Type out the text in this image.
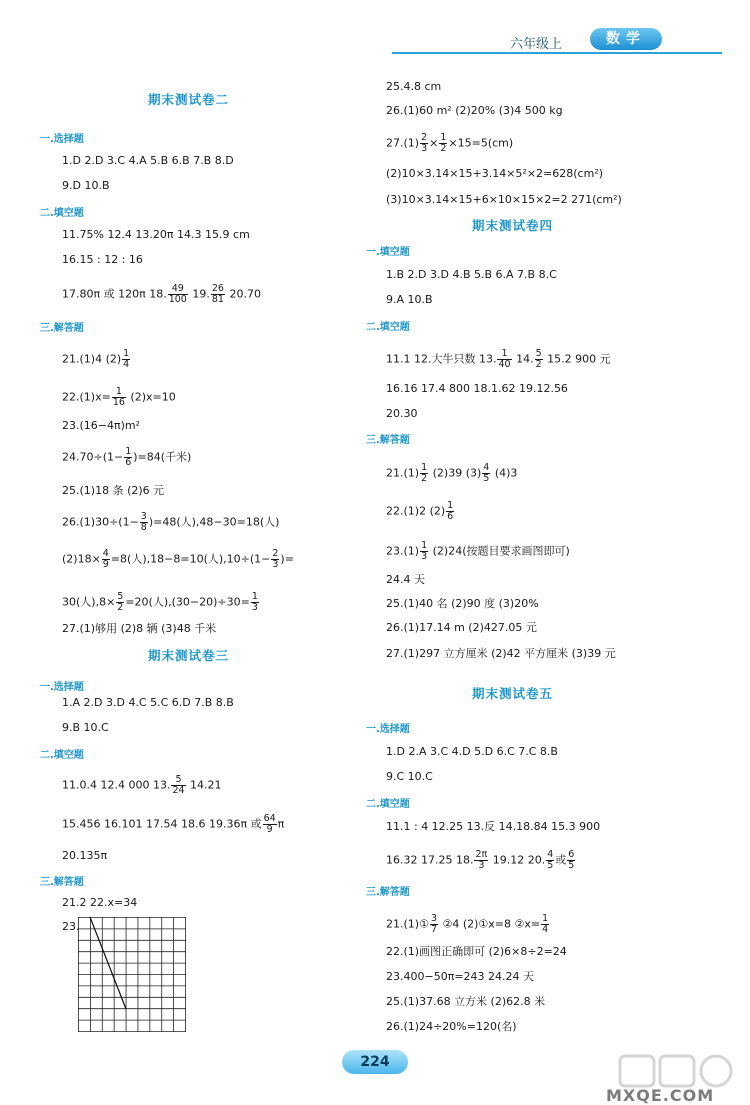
六年级上	数学
期末测试卷二
一.选择题
1.D 2.D 3.C 4.A 5.B 6.B 7.B 8.D
9.D 10.B
二.填空题
11.75% 12.4 13.20π 14.3 15.9 cm
16.15 : 12 : 16
17.80π 或 120π 18. $\frac{49}{100} 19$. $\frac{26}{81} 20.70$
三.解答题
21.(1)4 $(2) \frac{1}{4}$
$22.(1)x= \frac{1}{16} (2)x=10$
23.(16−4π)m²
$24.70\div(1- \frac{1}{6} )=84$(千米)
25.(1)18 条 (2)6 元
$26.(1)30\div(1- \frac{3}{8} )=48$(人),48−30=18(人)
$(2)18\times \frac{4}{9} =8$(人),18−8=10(人)$,10\div(1- \frac{2}{3}$ )=
30(人)$,8\times \frac{5}{2} =20$(人)$,(30-20)\div 30= \frac{1}{3}$
27.(1)够用 (2)8 辆 (3)48 千米
期末测试卷三
一.选择题
1.A 2.D 3.D 4.C 5.C 6.D 7.B 8.B
9.B 10.C
二.填空题
11.0.4 12.4 000 13. $\frac{5}{24} 14.21$
15.456 16.101 17.54 18.6 19.36π 或 $\frac{64}{9}$ π
20.135π
三.解答题
21.2 22.x=34
23.
25.4.8 cm
26.(1)60 m² (2)20% (3)4 500 kg
$27.(1) \frac{2}{3} \times \frac{1}{2} \times 15=5(cm)$
(2)10×3.14×15+3.14×5²×2=628(cm²)
(3)10×3.14×15+6×10×15×2=2 271(cm²)
期末测试卷四
一.填空题
1.B 2.D 3.D 4.B 5.B 6.A 7.B 8.C
9.A 10.B
二.填空题
11.1 12.大牛只数 13. $\frac{1}{40} 14$. $\frac{5}{2} 15.2$ 900 元
16.16 17.4 800 18.1.62 19.12.56
20.30
三.解答题
$21.(1) \frac{1}{2} (2)39$ $(3) \frac{4}{5} (4)3$
22.(1)2 $(2) \frac{1}{6}$
$23.(1) \frac{1}{3} (2)24$(按题目要求画图即可)
24.4 天
25.(1)40 名 (2)90 度 (3)20%
26.(1)17.14 m (2)427.05 元
27.(1)297 立方厘米 (2)42 平方厘米 (3)39 元
期末测试卷五
一.选择题
1.D 2.A 3.C 4.D 5.D 6.C 7.C 8.B
9.C 10.C
二.填空题
11.1 : 4 12.25 13.反 14.18.84 15.3 900
16.32 17.25 18. $\frac{2\pi}{3} 19.12$ 20. $\frac{4}{5}$ 或 $\frac{6}{5}$
三.解答题
21.(1)① $\frac{3}{7}$ ②4 (2)①x=8 ②x= $\frac{1}{4}$
22.(1)画图正确即可 (2)6×8÷2=24
23.400−50π=243 24.24 天
25.(1)37.68 立方米 (2)62.8 米
26.(1)24÷20%=120(名)
224
MXQE.COM
